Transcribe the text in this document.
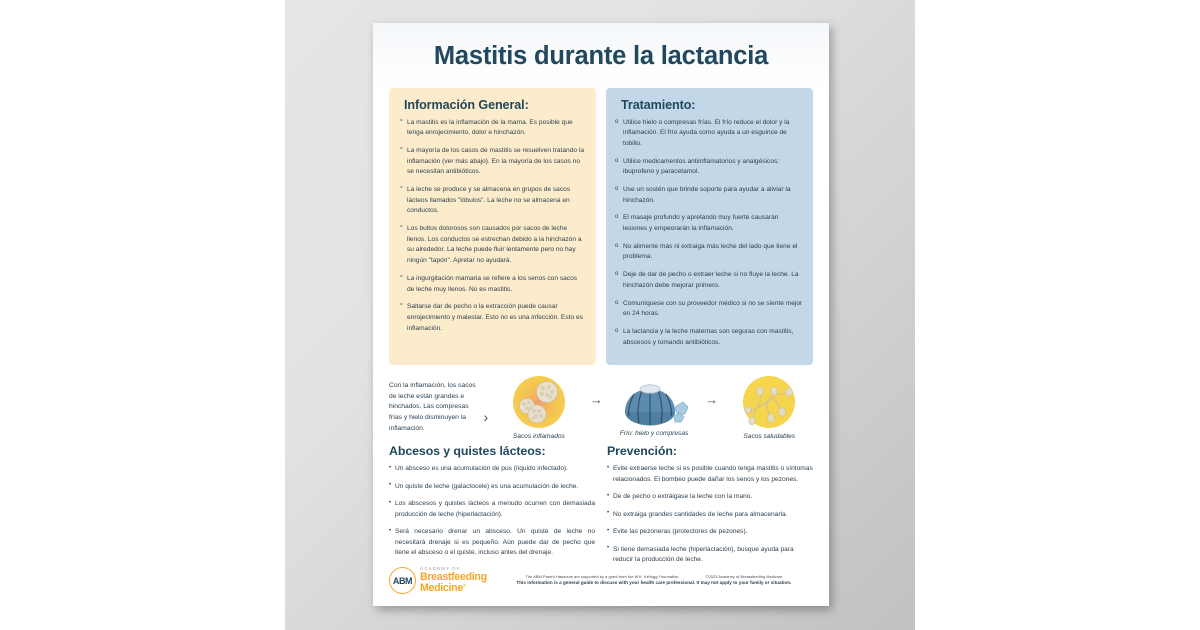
Mastitis durante la lactancia
Información General:
° La mastitis es la inflamación de la mama. Es posible que tenga enrojecimiento, dolor e hinchazón.
° La mayoría de los casos de mastitis se resuelven tratando la inflamación (ver más abajo). En la mayoría de los casos no se necesitan antibióticos.
° La leche se produce y se almacena en grupos de sacos lácteos llamados "lóbulos". La leche no se almacena en conductos.
° Los bultos dolorosos son causados por sacos de leche llenos. Los conductos se estrechan debido a la hinchazón a su alrededor. La leche puede fluir lentamente pero no hay ningún "tapón". Apretar no ayudará.
° La ingurgitación mamaria se refiere a los senos con sacos de leche muy llenos. No es mastitis.
° Saltarse dar de pecho o la extracción puede causar enrojecimiento y malestar. Esto no es una infección. Esto es inflamación.
Tratamiento:
o Utilice hielo o compresas frías. El frío reduce el dolor y la inflamación. El frío ayuda como ayuda a un esguince de tobillo.
o Utilice medicamentos antiinflamatorios y analgésicos: ibuprofeno y paracetamol.
o Use un sostén que brinde soporte para ayudar a aliviar la hinchazón.
o El masaje profundo y apretando muy fuerte causarán lesiones y empeorarán la inflamación.
o No alimente más ni extraiga más leche del lado que tiene el problema.
o Deje de dar de pecho o extraer leche si no fluye la leche. La hinchazón debe mejorar primero.
o Comuníquese con su proveedor médico si no se siente mejor en 24 horas.
o La lactancia y la leche maternas son seguras con mastitis, abscesos y tomando antibióticos.
Con la inflamación, los sacos de leche están grandes e hinchados. Las compresas frías y hielo disminuyen la inflamación.
›
Sacos inflamados
→
Frío: hielo y compresas
→
Sacos saludables
Abcesos y quistes lácteos:
• Un absceso es una acumulación de pus (líquido infectado).
• Un quiste de leche (galactocele) es una acumulación de leche.
• Los abscesos y quistes lácteos a menudo ocurren con demasiada producción de leche (hiperlactación).
• Será necesario drenar un absceso. Un quiste de leche no necesitará drenaje si es pequeño. Aún puede dar de pecho que tiene el absceso o el quiste, incluso antes del drenaje.
Prevención:
• Evite extraerse leche si es posible cuando tenga mastitis o síntomas relacionados. El bombeo puede dañar los senos y los pezones.
• De de pecho o extráigase la leche con la mano.
• No extraiga grandes cantidades de leche para almacenarla.
• Evite las pezoneras (protectores de pezones).
• Si tiene demasiada leche (hiperlactación), busque ayuda para reducir la producción de leche.
ABM
ACADEMY OF
Breastfeeding
Medicine®
The ABM Parent Handouts are supported by a grant from the W.K. Kellogg Foundation.	©2023 Academy of Breastfeeding Medicine
This information is a general guide to discuss with your health care professional. It may not apply to your family or situation.
